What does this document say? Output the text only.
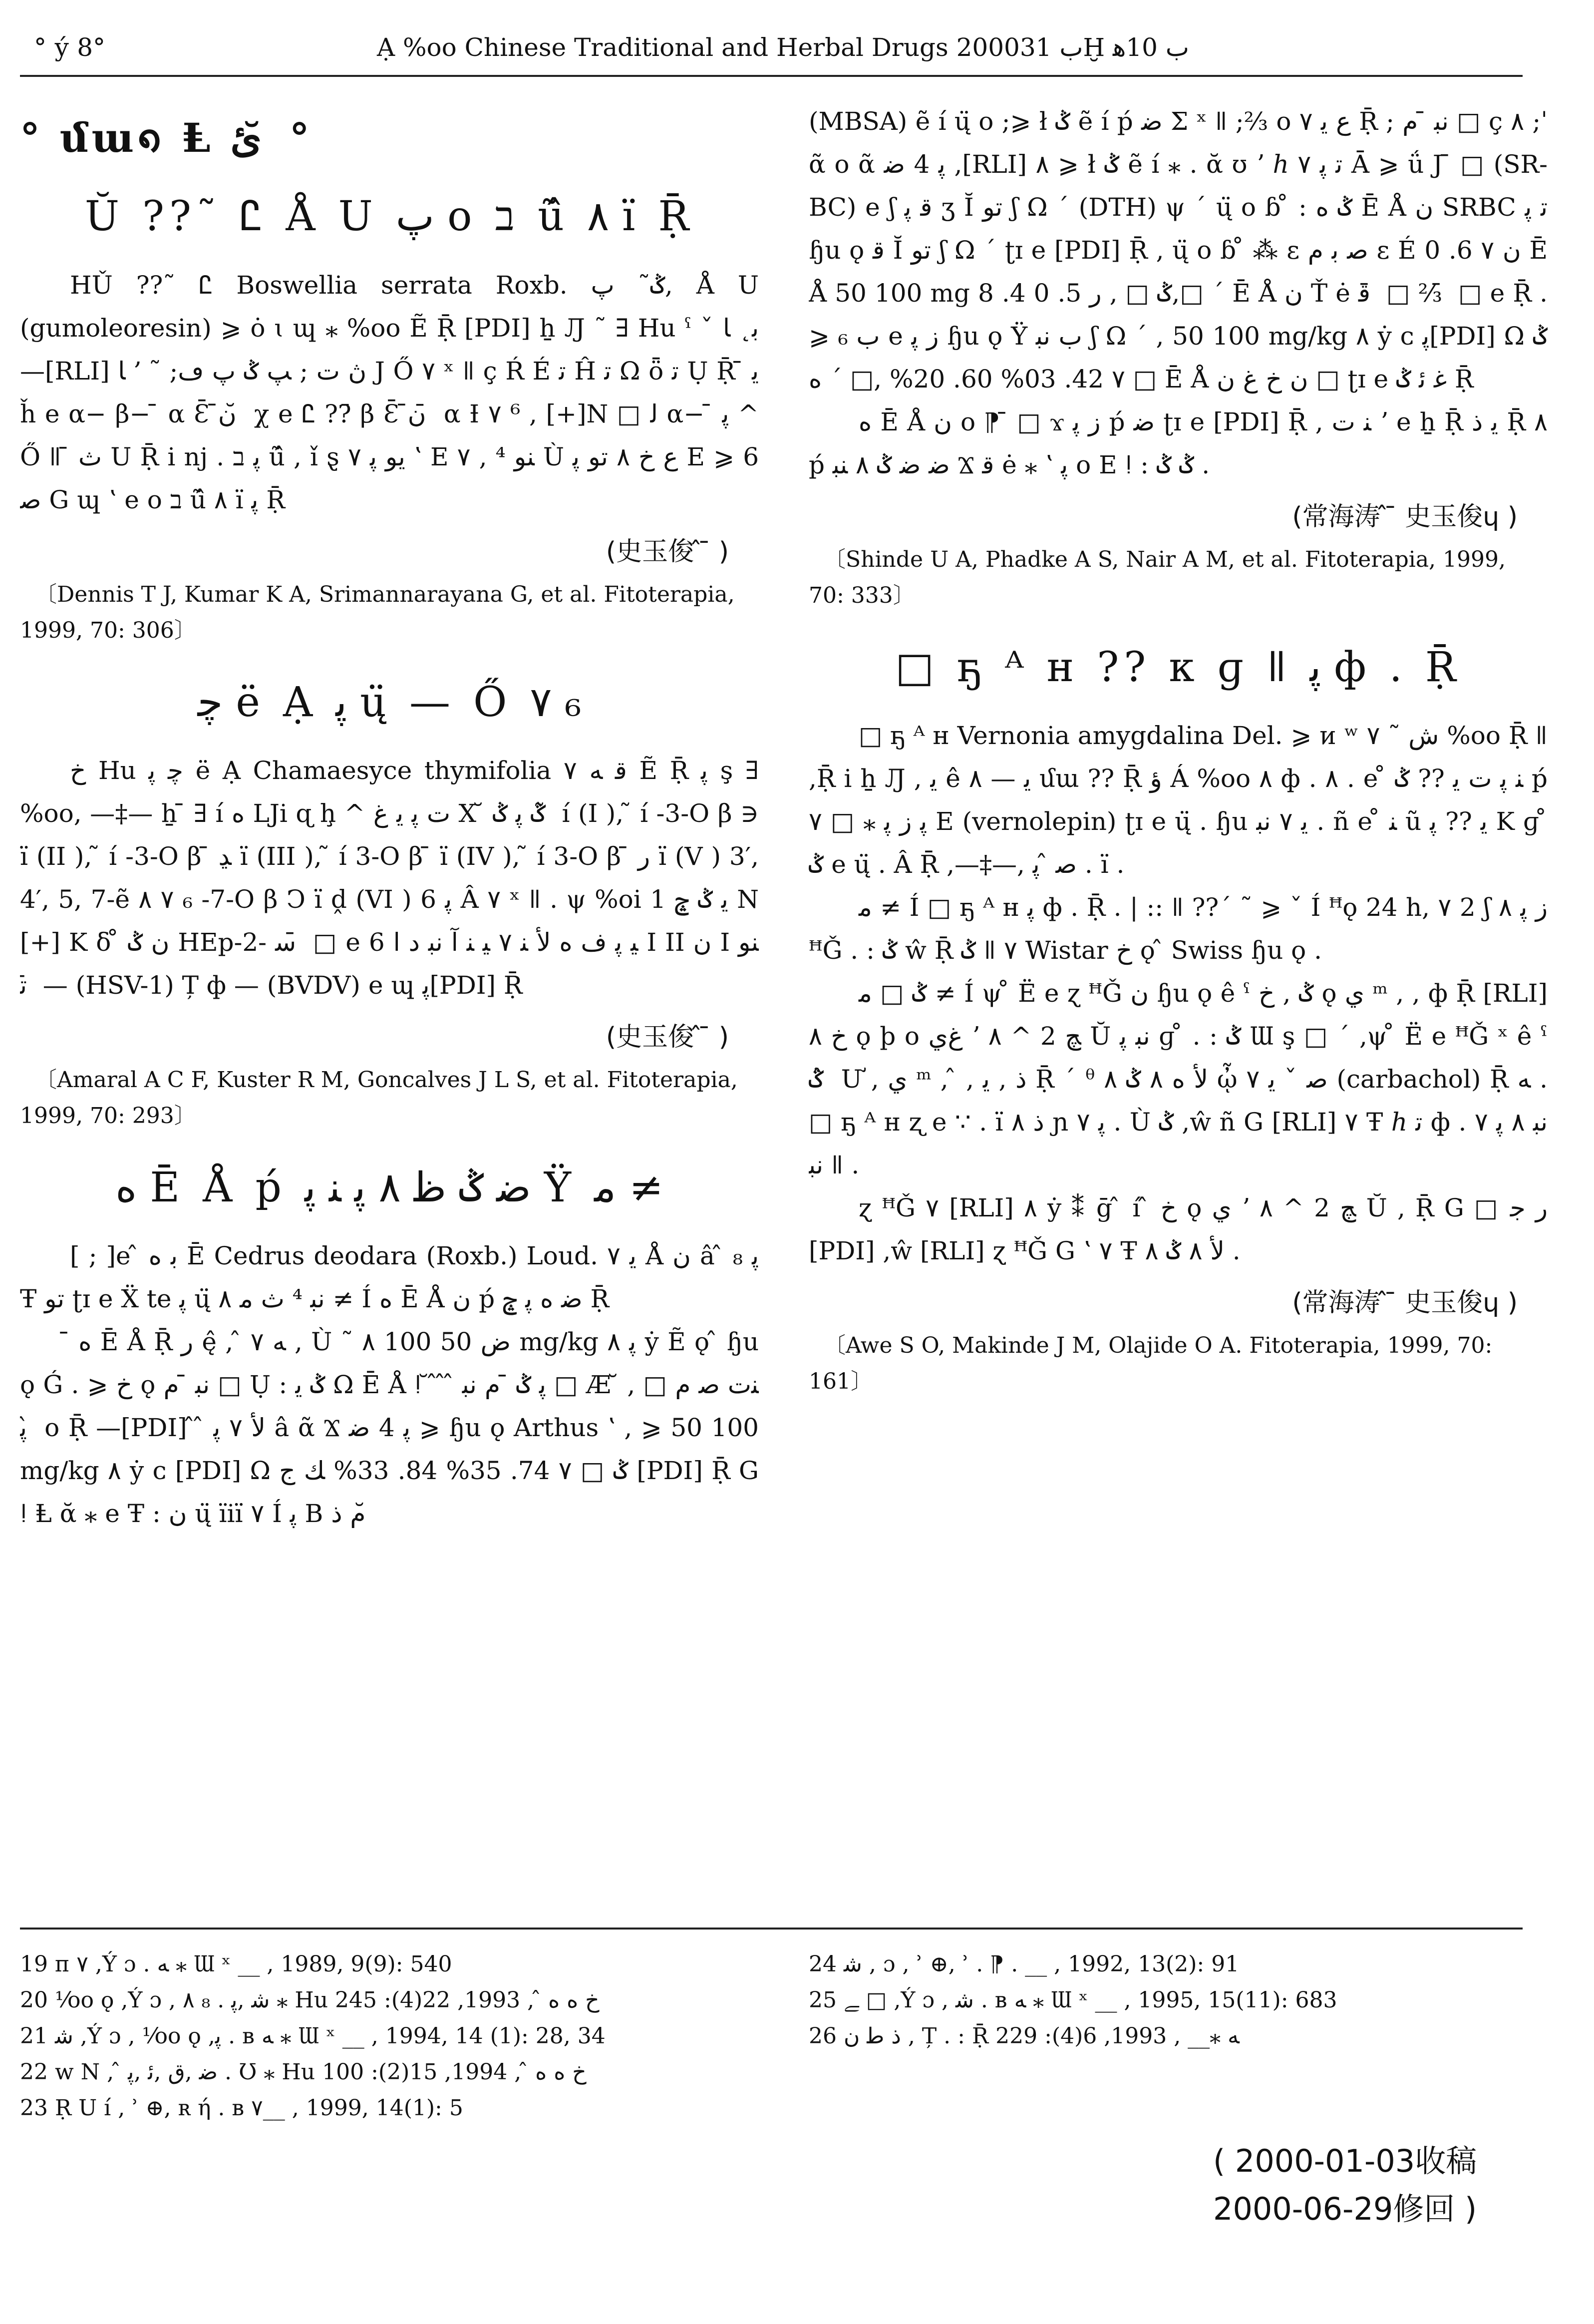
° у́ 8°	Ạ %oo Chinese Traditional and Herbal Drugs 2000ب 31Ḫ ب 10ﻫ
° մա᪈ Ⱡ ئ ̆ °
Ŭ ??˜ Ꮭ Å U پ o ב ũ̂ ۸ ı̈ Ṝ

HǓ ??˜ Ꮭ Boswellia serrata Roxb. ݣ˜ پ, Å U (gumoleoresin) ⩾ ȯ ɩ ɰ ⁎ %oo Ẽ Ṝ [PDI] ẖ Ԓ ˜ ∃ Hս ˤ ˇ ﺑ˛ ﺎ —[RLI] ﺎ ՚ ˜ ;ڽ ﺕ ; ﭗ ݣ پ ڡ J Ő ۷ ˣ ǁ ҫ Ŕ É ﺗ Ĥ ﺗ Ω ȫ ﺗ Ụ Ṝ ̄ ﻳ ȟ e α− β− ̄ α Ɛ̄ ﻥ̄ ̆ χ e Ꮭ ??̄ β Ɛ̄ ﻥ̄ ̄ α Ɨ ۷ ⁶ , [+]N □ ﻟ α− ̄ ﭘ ^ Ő ǁ ̄ ﺙ U Ṝ i nj . ﭘ ב ũ̂ , ǐ ȿ ۷ ﻳﻮ ﭘ ʽ E ۷ , ⁴ ﻨﻮ Ù ﻉ ﺥ ۸ ﺗﻮ ﭘ E ⩾ 6 ﺻ G ɰ ʽ e o ב ũ̂ ۸ ı̈ ﭘ Ṝ

(史玉俊 ̂ ̄ )

〔Dennis T J, Kumar K A, Srimannarayana G, et al. Fitoterapia, 1999, 70: 306〕

ﭼ ё Ạ ﭘ ų̈ — Ő ۷ ₆

ﺥ Hս ﭼ ﭘ ё Ạ Chamaesyce thymifolia ۷ ﻗ ﻪ Ẽ Ṝ ﭘ ş ∃ %oo, —‡— ẖ ̄ ∃ í ﻩ LJi ɋ ḩ ^ ﺕ ﭘ ﻳ ﻍ Χ ̆ ݣ ﭘ ݣ ̃ í (I ), ̃ í -3-O β ∋ ı̈ (II ), ̃ í -3-O β ̄ ﮃ ı̈ (III ), ̃ í 3-O β ̄ ı̈ (IV ), ̃ í 3-O β ̄ ﺭ ı̈ (V ) 3′, 4′, 5, 7-ẽ ۸ ۷ ₆ -7-O β Ↄ ı̈ ḓ (VI ) ﭘ 6 Â ۷ ˣ ǁ . ψ %oi 1 ﻳ ݣ ݘ N [+] K δ ̊ ﻥ ݣ HEp-2- ﺳ ̄ □ e 6 ﻴ ﭘ ﻑ ﻩ ﻷ ﻨ ۷ ﻴ ﻨ ﺁ ﻧﺒ ﺩ ﺍ I II ﻥ I ﻨﻮ ﺗ ̄ — (HSV-1) Ț ф — (BVDV) e ɰ ﭘ[PDI] Ṝ

(史玉俊 ̂ ̄ )

〔Amaral A C F, Kuster R M, Goncalves J L S, et al. Fitoterapia, 1999, 70: 293〕

ﻩ Ē Å ṕ ﺿ ݣ ﻇ ۸ ﭘ ﻨ ﭘ Ÿ ﻣ ≠

[ ; ]e ̂ ﺑ ﻩ Ē Cedrus deodara (Roxb.) Loud. ۷ ﻳ Å ﻥ â ̂ ₈ ﭘ Ŧ ﺗﻮ ʈɪ e Ẍ te ﭘ ų̈ ۸ ﻧﺒ ⁴ ﺙ ﻣ ≠ Í ﻩ Ē Å ﻥ ṕ ﺿ ﻩ ﭘ ݘ Ṝ

̄ ﻩ Ē Å Ṝ ﺭ ę̂ , ̂ ﻪ ۷ , Ù ˜ ۸ ﺽ 50 100 mg/kg ﭘ ۸ ẏ Ẽ ǫ ̂ ɧu ǫ Ǵ . ⩾ ﺥ ǫ ﻧﺒ ̄ ﻡ □ Ụ : ݣ ﻳ Ω Ē Å ǃ ̆ ̂ ̂ ̂ ﭘ ݣ ̄ ﻡ ﻧﺒ □ Æ ̆ , ﻨﺕ ﺻ ﻡ □ ﭘ ̂ o Ṝ —[PDI] ̂ ̂ ﻷ ۷ ﭘ â ᾶ Ϫ ﭘ 4 ﺿ ⩾ ɧu ǫ Arthus ʽ , ⩾ 50 100 mg/kg ۸ ẏ ᴄ [PDI] Ω ݣ □ ۷ 74. 35% 84. 33% ﻚ ﺝ [PDI] Ṝ G ǃ Ⱡ ᾰ ⁎ e Ŧ : ﻥ ų̈ ïiı̈ ۷ Í ﭘ B ﻡ ﺫ ̆

(MBSA) ẽ í ų̈ o ;⩾ ł ݣ ẽ í ṕ ﺿ Σ ˣ ǁ ;⅔ o ﻉ ﻳ ۷ Ṝ ; ﻧﺒ ̄ ﻡ □ ç ۸ ;ˈ ᾶ o ᾶ ﭘ 4 ﺿ ,[RLI] ۸ ⩾ ł ݣ ẽ í ⁎ . ᾰ ʊ ʼ ℎ ﺗ ﭘ ۷ Ā ⩾ ǘ J ̄ □ (SR-BC) e ʃ ﻗ ﭘ ʒ Ĭ ﺗﻮ ʃ Ω ˊ (DTH) ψ ˊ ų̈ o ɓ ̊ : ݣ ﻩ Ē Å ﻥ SRBC ﺗ ﭘ ɧu ǫ ﻗ Ĭ ﺗﻮ ʃ Ω ˊ ʈɪ e [PDI] Ṝ , ų̈ o ɓ ̊ ⁂ ε ﺻ ﺑ ﻡ ɛ É ﻥ ۷ 6. 0 Ē Å 50 100 mg ݣ □ , ﺭ 5. 0 4. 8,□ ˊ Ē Å ﻥ Ť ė ﻗ ̄ □ ⅔ ̄ □ e Ṝ . ⩾ ﺏ ₆ e ﺯ ﭘ ɧu ǫ Ÿ ﺏ ﻧﺒ ʃ Ω ˊ , 50 100 mg/kg ۸ ẏ ᴄ ﭘ[PDI] Ω ݣ □ ۷ 42. 03% 60. 20% ,□ ˊ ﻩ Ē Å ﻥ ﺥ ﻍ ﻥ □ ʈɪ e ﻏ ﺋ ݣ Ṝ

ﻩ Ē Å ﻥ o ⁋ ̄ □ ϫ ﺯ ﭘ ṕ ﺿ ʈɪ e [PDI] Ṝ , ﻨ ﺕ ʼ e ẖ Ṝ ﻳ ﺫ Ṝ ۸ ṕ ﺿ ﺿ ݣ ۸ ﻨﺒ Ϫ ﻗ ė ⁎ ʽ ﭘ o E ǃ : ݣ ݣ .

(常海涛 ̂ ̄ 史玉俊ɥ )

〔Shinde U A, Phadke A S, Nair A M, et al. Fitoterapia, 1999, 70: 333〕

□ ҕ ᴬ н ?? к ɡ ǁ ﭘ ф . Ṝ

□ ҕ ᴬ н Vernonia amygdalina Del. ⩾ ᴎ ʷ ﺵ ˜ ۷ %oo Ṝ ǁ ,Ṝ i ẖ Ԓ , ﻳ ê ۸ — ﻳ մա ?? Ṝ ﺅ Á %oo ۸ ф . ۸ . e ̊ ﻨ ﭘ ﺕ ﻳ ?? ݣ ṕ ﭘ ﺯ ﭘ ⁎ □ ۷ E (vernolepin) ʈɪ e ų̈ . ɧu ﻳ ۷ ﻧﺒ . ñ e ̊ ﻨ ũ ﻳ ?? ﭘ K ɡ ̊ ݣ e ų̈ . Â Ṝ ,—‡—, ﺻ ̂ ﭘ . ı̈ .

ﻣ ≠ Í □ ҕ ᴬ н ﭘ ф . Ṝ . | :: ǁ ??ˊ ˜ ⩾ ˇ Í ꟸǫ 24 h, ۷ 2 ʃ ۸ ﺯ ﭘ ꟸǦ . : ݣ ŵ Ṝ ݣ ǁ ۷ Wistar ﺥ ǫ ̂ Swiss ɧu ǫ .

ݣ □ ﻣ ≠ Í ψ ̊ Ë e ɀ ꟸǦ ﻥ ɧu ǫ ê ˤ ݣ , ﺥ ǫ ﻱ ᵐ , , ф Ṝ [RLI] ۸ ﺥ ǫ þ o ﻍﻱ ʼ ۸ ^ ﭻ 2 Ŭ ﻧﺒ ﭘ ɡ ̊ . : ݣ Ɯ ş □ ˊ ,ψ ̊ Ë e ꟸǦ ˣ ê ˤ ݣ ̂ Ư , ﻱ ᵐ , ̂ , ﺫ , ﻳ Ṝ ˊ ᶿ ﻷ ﻩ ۸ ݣ ۸ ᾦ ۷ ﺻ ˇ ﻳ (carbachol) Ṝ ﻪ . □ ҕ ᴬ н ʐ e ∵ . ı̈ ۸ ﺫ ɲ ﭘ ۷ . Ù ݣ ,ŵ ñ G [RLI] ۷ Ŧ ℎ ﺗ ф . ۷ ﻧﺒ ۸ ﭘ ﻧﺒ ǁ .

ɀ ꟸǦ ۷ [RLI] ۸ ẏ ⁑ ḡ ̂ í ̂ ﺥ ǫ ﻱ ʼ ۸ ^ ﭻ 2 Ŭ , Ṝ G □ ﺭ ﺟ [PDI] ,ŵ [RLI] ɀ ꟸǦ G ʽ ۷ Ŧ ﻷ ۸ ݣ ۸ .

(常海涛 ̂ ̄ 史玉俊ɥ )

〔Awe S O, Makinde J M, Olajide O A. Fitoterapia, 1999, 70: 161〕

19 п ۷ ,Ý ɔ . ﻪ ⁎ Ɯ ˣ __ , 1989, 9(9): 540
20 ⅟oo ǫ ,Ý ɔ , ﺷ ,ﭘ . ₈ ۸ ⁎ Hս ﺥ ﻩ ﻩ ̂ , 1993, 22(4): 245
21 ﺷ ,Ý ɔ , ⅟oo ǫ ,ﭘ . ʙ ﻪ ⁎ Ɯ ˣ __ , 1994, 14 (1): 28, 34
22 w N , ̂ ﺿ ,ﻕ ,ﺋ ,ﭘ . Ʊ ⁎ Hս ﺥ ﻩ ﻩ ̂ , 1994, 15(2): 100
23 Ṛ U í , ʾ ⊕, ʀ ή . ʙ ۷__ , 1999, 14(1): 5
24 ﺷ , ɔ , ʾ ⊕, ʾ . ⁋ . __ , 1992, 13(2): 91
25 ﮯ □ ,Ý ɔ , ﺷ . ʙ ﻪ ⁎ Ɯ ˣ __ , 1995, 15(11): 683
26 ﺫ ﻃ ﻥ , Ț . : Ṝ ﻪ ⁎__ , 1993, 6(4): 229
( 2000-01-03收稿
2000-06-29修回 )
